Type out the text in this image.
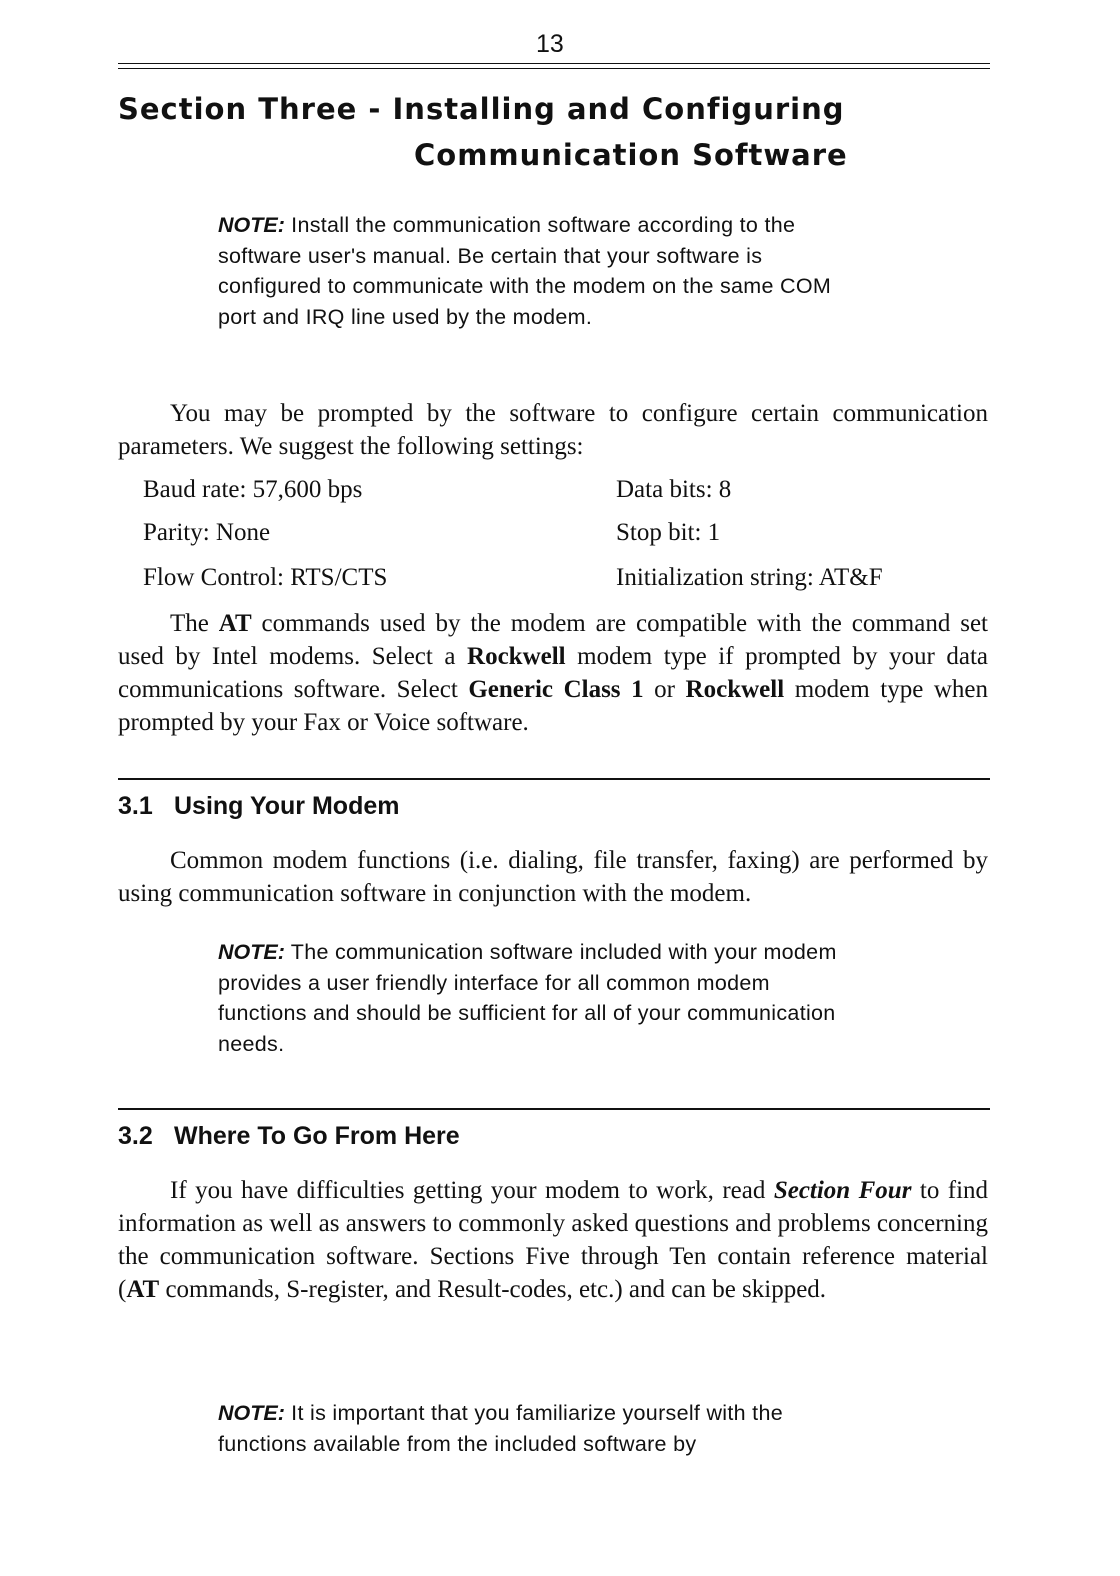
13
Section Three - Installing and Configuring
Communication Software
NOTE: Install the communication software according to the software user's manual. Be certain that your software is configured to communicate with the modem on the same COM port and IRQ line used by the modem.
You may be prompted by the software to configure certain communication parameters. We suggest the following settings:
Baud rate: 57,600 bps	Data bits: 8
Parity: None	Stop bit: 1
Flow Control: RTS/CTS	Initialization string: AT&F
The AT commands used by the modem are compatible with the command set used by Intel modems. Select a Rockwell modem type if prompted by your data communications software. Select Generic Class 1 or Rockwell modem type when prompted by your Fax or Voice software.
3.1 Using Your Modem
Common modem functions (i.e. dialing, file transfer, faxing) are performed by using communication software in conjunction with the modem.
NOTE: The communication software included with your modem provides a user friendly interface for all common modem functions and should be sufficient for all of your communication needs.
3.2 Where To Go From Here
If you have difficulties getting your modem to work, read Section Four to find information as well as answers to commonly asked questions and problems concerning the communication software. Sections Five through Ten contain reference material (AT commands, S-register, and Result-codes, etc.) and can be skipped.
NOTE: It is important that you familiarize yourself with the functions available from the included software by
